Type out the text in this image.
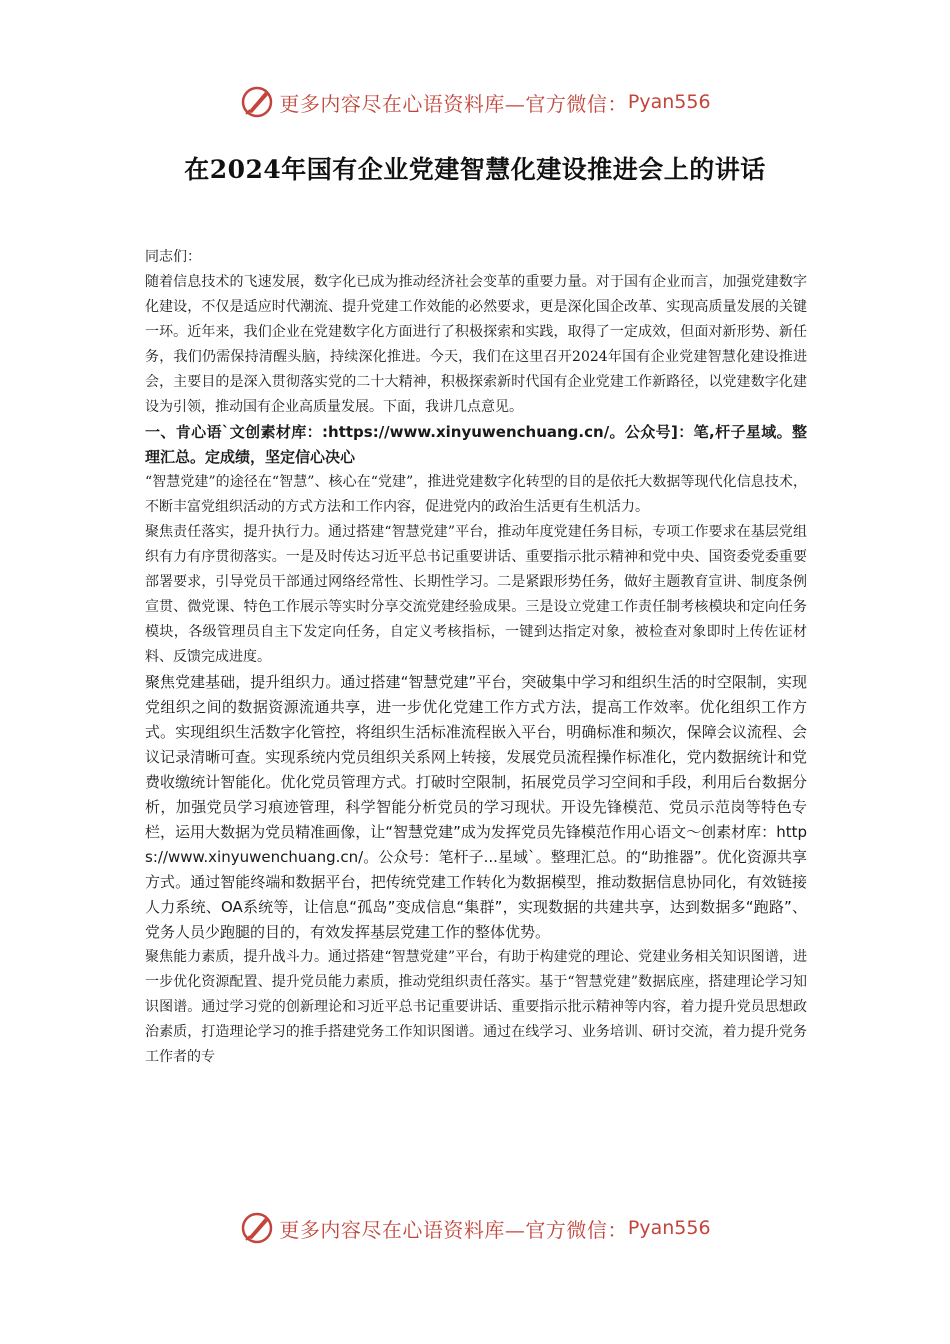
更多内容尽在心语资料库—官方微信： Pyan556
在2024年国有企业党建智慧化建设推进会上的讲话

同志们：

随着信息技术的飞速发展，数字化已成为推动经济社会变革的重要力量。对于国有企业而言，加强党建数字化建设，不仅是适应时代潮流、提升党建工作效能的必然要求，更是深化国企改革、实现高质量发展的关键一环。近年来，我们企业在党建数字化方面进行了积极探索和实践，取得了一定成效，但面对新形势、新任务，我们仍需保持清醒头脑，持续深化推进。今天，我们在这里召开2024年国有企业党建智慧化建设推进会，主要目的是深入贯彻落实党的二十大精神，积极探索新时代国有企业党建工作新路径，以党建数字化建设为引领，推动国有企业高质量发展。下面，我讲几点意见。

一、肯心语`文创素材库：:https://www.xinyuwenchuang.cn/。公众号]：笔,杆子星域。整理汇总。定成绩，坚定信心决心

“智慧党建”的途径在“智慧”、核心在“党建”，推进党建数字化转型的目的是依托大数据等现代化信息技术，不断丰富党组织活动的方式方法和工作内容，促进党内的政治生活更有生机活力。

聚焦责任落实，提升执行力。通过搭建“智慧党建”平台，推动年度党建任务目标，专项工作要求在基层党组织有力有序贯彻落实。一是及时传达习近平总书记重要讲话、重要指示批示精神和党中央、国资委党委重要部署要求，引导党员干部通过网络经常性、长期性学习。二是紧跟形势任务，做好主题教育宣讲、制度条例宣贯、微党课、特色工作展示等实时分享交流党建经验成果。三是设立党建工作责任制考核模块和定向任务模块，各级管理员自主下发定向任务，自定义考核指标，一键到达指定对象，被检查对象即时上传佐证材料、反馈完成进度。

聚焦党建基础，提升组织力。通过搭建“智慧党建”平台，突破集中学习和组织生活的时空限制，实现党组织之间的数据资源流通共享，进一步优化党建工作方式方法，提高工作效率。优化组织工作方式。实现组织生活数字化管控，将组织生活标准流程嵌入平台，明确标准和频次，保障会议流程、会议记录清晰可查。实现系统内党员组织关系网上转接，发展党员流程操作标准化，党内数据统计和党费收缴统计智能化。优化党员管理方式。打破时空限制，拓展党员学习空间和手段，利用后台数据分析，加强党员学习痕迹管理，科学智能分析党员的学习现状。开设先锋模范、党员示范岗等特色专栏，运用大数据为党员精准画像，让“智慧党建”成为发挥党员先锋模范作用心语文～创素材库：https://www.xinyuwenchuang.cn/。公众号：笔杆子...星域`。整理汇总。的“助推器”。优化资源共享方式。通过智能终端和数据平台，把传统党建工作转化为数据模型，推动数据信息协同化，有效链接人力系统、OA系统等，让信息“孤岛”变成信息“集群”，实现数据的共建共享，达到数据多“跑路”、党务人员少跑腿的目的，有效发挥基层党建工作的整体优势。

聚焦能力素质，提升战斗力。通过搭建“智慧党建”平台，有助于构建党的理论、党建业务相关知识图谱，进一步优化资源配置、提升党员能力素质，推动党组织责任落实。基于“智慧党建”数据底座，搭建理论学习知识图谱。通过学习党的创新理论和习近平总书记重要讲话、重要指示批示精神等内容，着力提升党员思想政治素质，打造理论学习的推手搭建党务工作知识图谱。通过在线学习、业务培训、研讨交流，着力提升党务工作者的专

更多内容尽在心语资料库—官方微信： Pyan556
